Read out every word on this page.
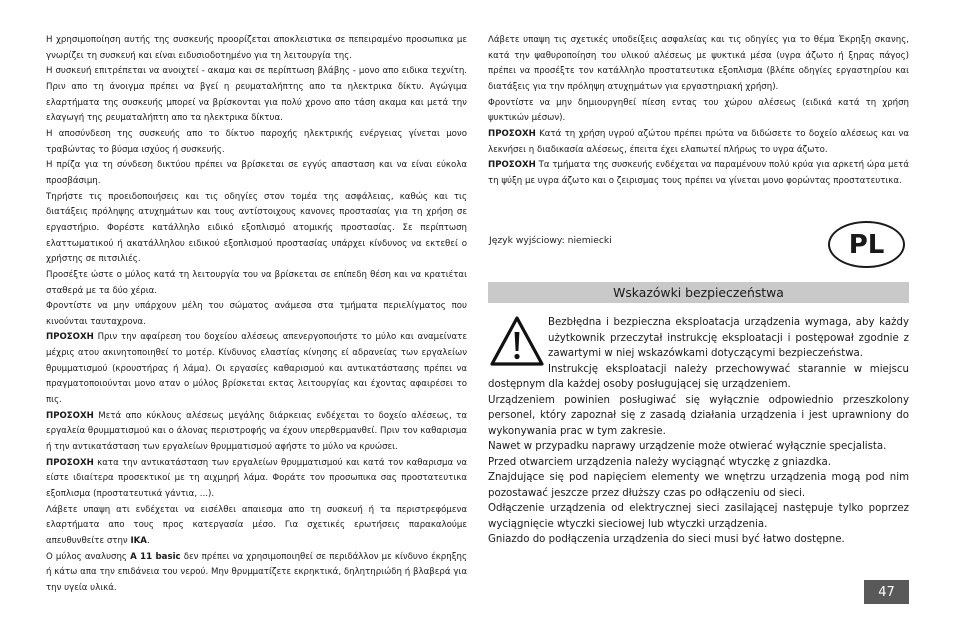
Η χρησιμοποίηση αυτής της συσκευής προορίζεται αποκλειστικα σε πεπειραμένο προσωπικα με γνωρίζει τη συσκευή και είναι ειδυσιοδοτημένο για τη λειτουργία της.

Η συσκευή επιτρέπεται να ανοιχτεί - ακαμα και σε περίπτωση βλάβης - μονο απο ειδικα τεχνίτη. Πριν απο τη άνοιγμα πρέπει να βγεί η ρευματαλήπτης απο τα ηλεκτρικα δίκτυ. Αγώγιμα ελαρτήματα της συσκευής μπορεί να βρίσκονται για πολύ χρονο απο τάση ακαμα και μετά την ελαγωγή της ρευματαλήπτη απο τα ηλεκτρικα δίκτυα.

Η αποσύνδεση της συσκευής απο το δίκτυο παροχής ηλεκτρικής ενέργειας γίνεται μονο τραβώντας το βύσμα ισχύος ή συσκευής.

Η πρίζα για τη σύνδεση δικτύου πρέπει να βρίσκεται σε εγγύς απασταση και να είναι εύκολα προσβάσιμη.

Τηρήστε τις προειδοποιήσεις και τις οδηγίες στον τομέα της ασφάλειας, καθώς και τις διατάξεις πρόληψης ατυχημάτων και τους αντίστοιχους κανονες προστασίας για τη χρήση σε εργαστήριο. Φορέστε κατάλληλο ειδικό εξοπλισμό ατομικής προστασίας. Σε περίπτωση ελαττωματικού ή ακατάλληλου ειδικού εξοπλισμού προστασίας υπάρχει κίνδυνος να εκτεθεί ο χρήστης σε πιτσιλιές.

Προσέξτε ώστε ο μύλος κατά τη λειτουργία του να βρίσκεται σε επίπεδη θέση και να κρατιέται σταθερά με τα δύο χέρια.

Φροντίστε να μην υπάρχουν μέλη του σώματος ανάμεσα στα τμήματα περιελίγματος που κινούνται ταυταχρονα.

ΠΡΟΣΟΧΗ Πριν την αφαίρεση του δοχείου αλέσεως απενεργοποιήστε το μύλο και αναμείνατε μέχρις ατου ακινητοποιηθεί το μοτέρ. Κίνδυνος ελαστίας κίνησης εί αδρανείας των εργαλείων θρυμματισμού (κρουστήρας ή λάμα). Οι εργασίες καθαρισμού και αντικατάστασης πρέπει να πραγματοποιούνται μονο αταν ο μύλος βρίσκεται εκτας λειτουργίας και έχοντας αφαιρέσει το πις.

ΠΡΟΣΟΧΗ Μετά απο κύκλους αλέσεως μεγάλης διάρκειας ενδέχεται το δοχείο αλέσεως, τα εργαλεία θρυμματισμού και ο άλονας περιστροφής να έχουν υπερθερμανθεί. Πριν τον καθαρισμα ή την αντικατάσταση των εργαλείων θρυμματισμού αφήστε το μύλο να κρυώσει.

ΠΡΟΣΟΧΗ κατα την αντικατάσταση των εργαλείων θρυμματισμού και κατά τον καθαρισμα να είστε ιδιαίτερα προσεκτικοί με τη αιχμηρή λάμα. Φοράτε τον προσωπικα σας προστατευτικα εξοπλισμα (προστατευτικά γάντια, ...).

Λάβετε υπαψη ατι ενδέχεται να εισέλθει απαιεσμα απο τη συσκευή ή τα περιστρεφόμενα ελαρτήματα απο τους προς κατεργασία μέσο. Για σχετικές ερωτήσεις παρακαλούμε απευθυνθείτε στην IKA.

Ο μύλος αναλυσης A 11 basic δεν πρέπει να χρησιμοποιηθεί σε περιδάλλον με κίνδυνο έκρηξης ή κάτω απα την επιδάνεια του νερού. Μην θρυμματίζετε εκρηκτικά, δηλητηριώδη ή βλαβερά για την υγεία υλικά.

Λάβετε υπαψη τις σχετικές υποδείξεις ασφαλείας και τις οδηγίες για το θέμα Έκρηξη σκανης, κατά την ψαθυροποίηση του υλικού αλέσεως με ψυκτικά μέσα (υγρα άζωτο ή ξηρας πάγος) πρέπει να προσέξτε τον κατάλληλο προστατευτικα εξοπλισμα (βλέπε οδηγίες εργαστηρίου και διατάξεις για την πρόληψη ατυχημάτων για εργαστηριακή χρήση).

Φροντίστε να μην δημιουργηθεί πίεση εντας του χώρου αλέσεως (ειδικά κατά τη χρήση ψυκτικών μέσων).

ΠΡΟΣΟΧΗ Κατά τη χρήση υγρού αζώτου πρέπει πρώτα να διδώσετε το δοχείο αλέσεως και να λεκνήσει η διαδικασία αλέσεως, έπειτα έχει ελαπωτεί πλήρως το υγρα άζωτο.

ΠΡΟΣΟΧΗ Τα τμήματα της συσκευής ενδέχεται να παραμένουν πολύ κρύα για αρκετή ώρα μετά τη ψύξη με υγρα άζωτο και ο ζειρισμας τους πρέπει να γίνεται μονο φορώντας προστατευτικα.

Język wyjściowy: niemiecki	PL
Wskazówki bezpieczeństwa

Bezbłędna i bezpieczna eksploatacja urządzenia wymaga, aby każdy użytkownik przeczytał instrukcję eksploatacji i postępował zgodnie z zawartymi w niej wskazówkami dotyczącymi bezpieczeństwa.

Instrukcję eksploatacji należy przechowywać starannie w miejscu dostępnym dla każdej osoby posługującej się urządzeniem.

Urządzeniem powinien posługiwać się wyłącznie odpowiednio przeszkolony personel, który zapoznał się z zasadą działania urządzenia i jest uprawniony do wykonywania prac w tym zakresie.

Nawet w przypadku naprawy urządzenie może otwierać wyłącznie specjalista.

Przed otwarciem urządzenia należy wyciągnąć wtyczkę z gniazdka.

Znajdujące się pod napięciem elementy we wnętrzu urządzenia mogą pod nim pozostawać jeszcze przez dłuższy czas po odłączeniu od sieci.

Odłączenie urządzenia od elektrycznej sieci zasilającej następuje tylko poprzez wyciągnięcie wtyczki sieciowej lub wtyczki urządzenia.

Gniazdo do podłączenia urządzenia do sieci musi być łatwo dostępne.

47
